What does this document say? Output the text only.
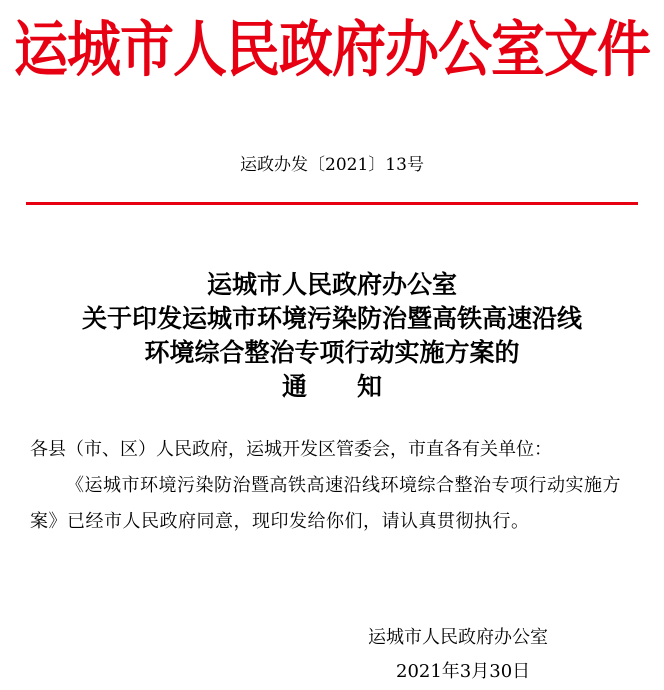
运城市人民政府办公室文件
运政办发〔2021〕13号
运城市人民政府办公室
关于印发运城市环境污染防治暨高铁高速沿线
环境综合整治专项行动实施方案的
通　　知
各县（市、区）人民政府，运城开发区管委会，市直各有关单位：
《运城市环境污染防治暨高铁高速沿线环境综合整治专项行动实施方案》已经市人民政府同意，现印发给你们，请认真贯彻执行。
运城市人民政府办公室
2021年3月30日
